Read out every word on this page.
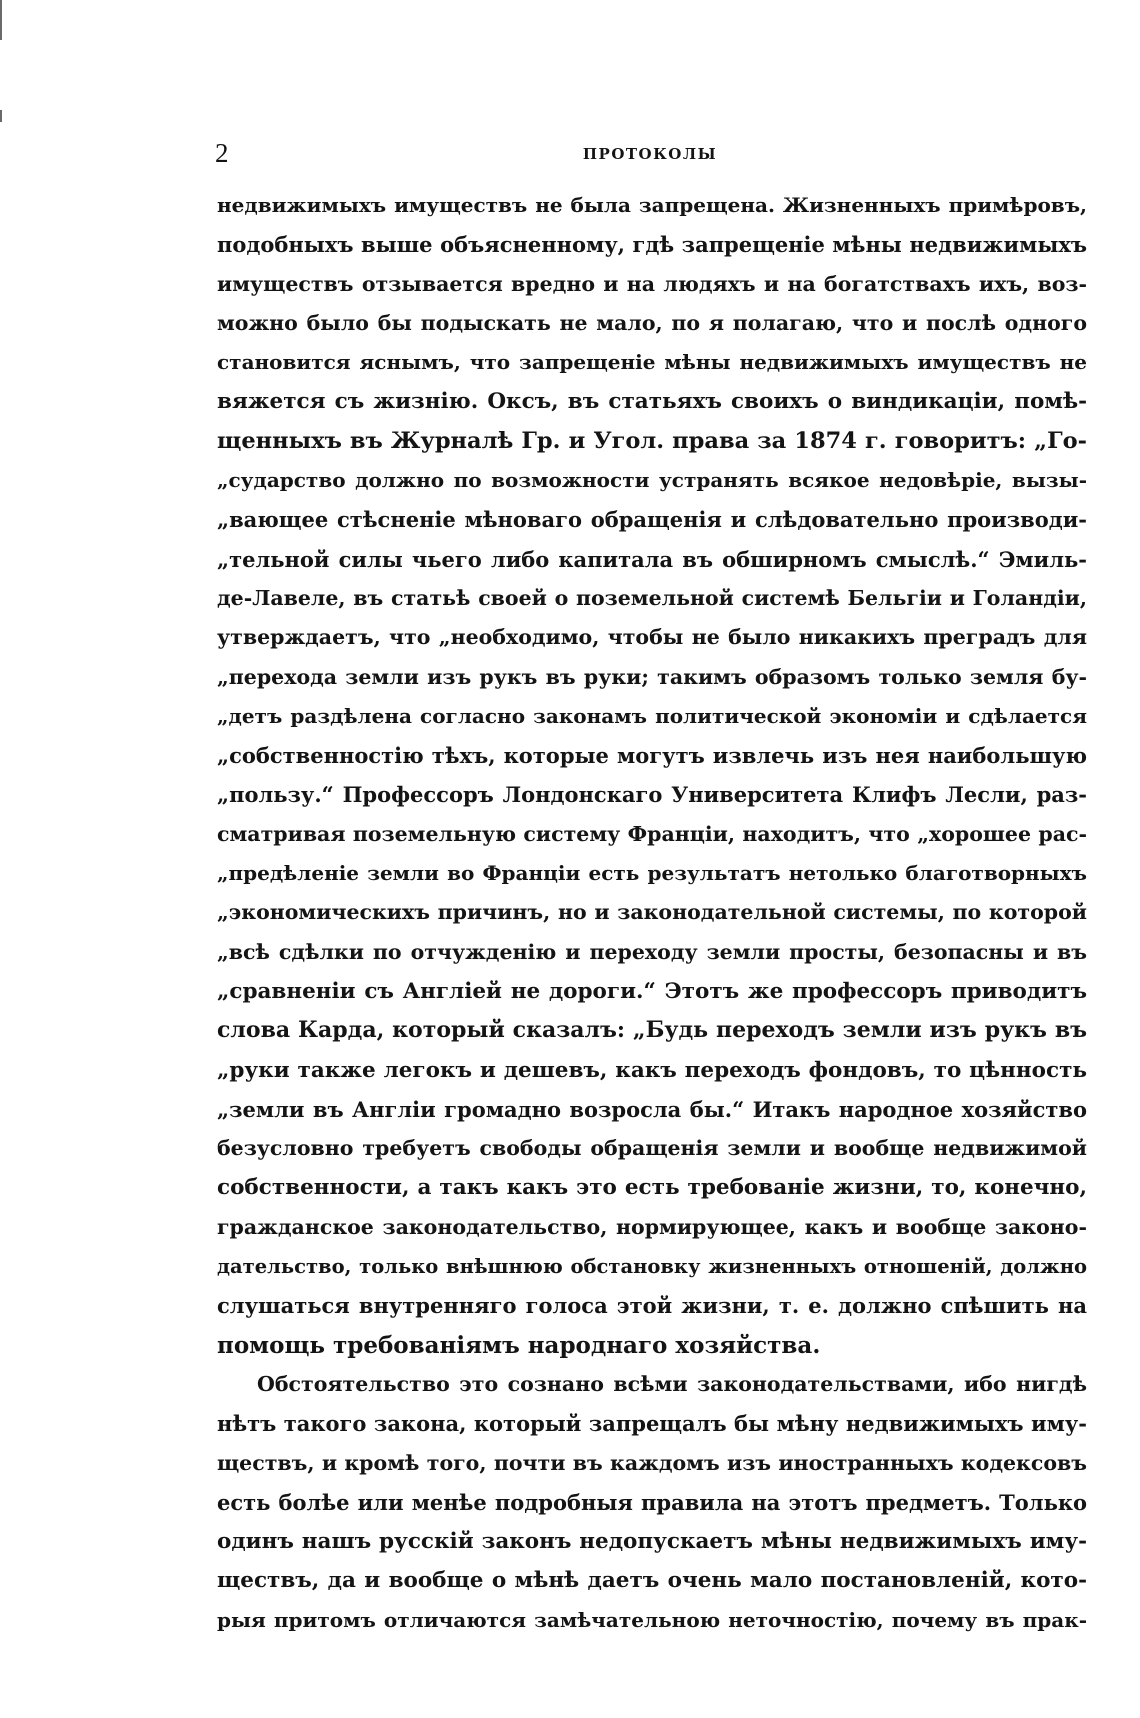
2	ПРОТОКОЛЫ
недвижимыхъ имуществъ не была запрещена. Жизненныхъ примѣровъ,
подобныхъ выше объясненному, гдѣ запрещеніе мѣны недвижимыхъ
имуществъ отзывается вредно и на людяхъ и на богатствахъ ихъ, воз-
можно было бы подыскать не мало, по я полагаю, что и послѣ одного
становится яснымъ, что запрещеніе мѣны недвижимыхъ имуществъ не
вяжется съ жизнію. Оксъ, въ статьяхъ своихъ о виндикаціи, помѣ-
щенныхъ въ Журналѣ Гр. и Угол. права за 1874 г. говоритъ: „Го-
„сударство должно по возможности устранять всякое недовѣріе, вызы-
„вающее стѣсненіе мѣноваго обращенія и слѣдовательно производи-
„тельной силы чьего либо капитала въ обширномъ смыслѣ.“ Эмиль-
де-Лавеле, въ статьѣ своей о поземельной системѣ Бельгіи и Голандіи,
утверждаетъ, что „необходимо, чтобы не было никакихъ преградъ для
„перехода земли изъ рукъ въ руки; такимъ образомъ только земля бу-
„детъ раздѣлена согласно законамъ политической экономіи и сдѣлается
„собственностію тѣхъ, которые могутъ извлечь изъ нея наибольшую
„пользу.“ Профессоръ Лондонскаго Университета Клифъ Лесли, раз-
сматривая поземельную систему Франціи, находитъ, что „хорошее рас-
„предѣленіе земли во Франціи есть результатъ нетолько благотворныхъ
„экономическихъ причинъ, но и законодательной системы, по которой
„всѣ сдѣлки по отчужденію и переходу земли просты, безопасны и въ
„сравненіи съ Англіей не дороги.“ Этотъ же профессоръ приводитъ
слова Карда, который сказалъ: „Будь переходъ земли изъ рукъ въ
„руки также легокъ и дешевъ, какъ переходъ фондовъ, то цѣнность
„земли въ Англіи громадно возросла бы.“ Итакъ народное хозяйство
безусловно требуетъ свободы обращенія земли и вообще недвижимой
собственности, а такъ какъ это есть требованіе жизни, то, конечно,
гражданское законодательство, нормирующее, какъ и вообще законо-
дательство, только внѣшнюю обстановку жизненныхъ отношеній, должно
слушаться внутренняго голоса этой жизни, т. е. должно спѣшить на
помощь требованіямъ народнаго хозяйства.
Обстоятельство это сознано всѣми законодательствами, ибо нигдѣ
нѣтъ такого закона, который запрещалъ бы мѣну недвижимыхъ иму-
ществъ, и кромѣ того, почти въ каждомъ изъ иностранныхъ кодексовъ
есть болѣе или менѣе подробныя правила на этотъ предметъ. Только
одинъ нашъ русскій законъ недопускаетъ мѣны недвижимыхъ иму-
ществъ, да и вообще о мѣнѣ даетъ очень мало постановленій, кото-
рыя притомъ отличаются замѣчательною неточностію, почему въ прак-
